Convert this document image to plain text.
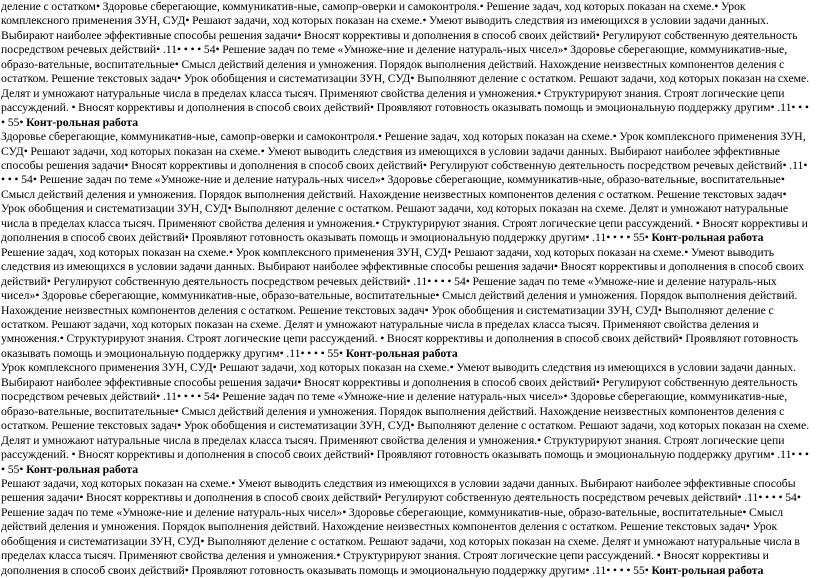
деление с остатком• Здоровье сберегающие, коммуникатив-ные, самопр-оверки и самоконтроля.• Решение задач, ход которых показан на схеме.• Урок комплексного применения ЗУН, СУД• Решают задачи, ход которых показан на схеме.• Умеют выводить следствия из имеющихся в условии задачи данных. Выбирают наиболее эффективные способы решения задачи• Вносят коррективы и дополнения в способ своих действий• Регулируют собственную деятельность посредством речевых действий• .11• • • • 54• Решение задач по теме «Умноже-ние и деление натураль-ных чисел»• Здоровье сберегающие, коммуникатив-ные, образо-вательные, воспитательные• Смысл действий деления и умножения. Порядок выполнения действий. Нахождение неизвестных компонентов деления с остатком. Решение текстовых задач• Урок обобщения и систематизации ЗУН, СУД• Выполняют деление с остатком. Решают задачи, ход которых показан на схеме. Делят и умножают натуральные числа в пределах класса тысяч. Применяют свойства деления и умножения.• Структурируют знания. Строят логические цепи рассуждений. • Вносят коррективы и дополнения в способ своих действий• Проявляют готовность оказывать помощь и эмоциональную поддержку другим• .11• • • • 55• Конт-рольная работа

Здоровье сберегающие, коммуникатив-ные, самопр-оверки и самоконтроля.• Решение задач, ход которых показан на схеме.• Урок комплексного применения ЗУН, СУД• Решают задачи, ход которых показан на схеме.• Умеют выводить следствия из имеющихся в условии задачи данных. Выбирают наиболее эффективные способы решения задачи• Вносят коррективы и дополнения в способ своих действий• Регулируют собственную деятельность посредством речевых действий• .11• • • • 54• Решение задач по теме «Умноже-ние и деление натураль-ных чисел»• Здоровье сберегающие, коммуникатив-ные, образо-вательные, воспитательные• Смысл действий деления и умножения. Порядок выполнения действий. Нахождение неизвестных компонентов деления с остатком. Решение текстовых задач• Урок обобщения и систематизации ЗУН, СУД• Выполняют деление с остатком. Решают задачи, ход которых показан на схеме. Делят и умножают натуральные числа в пределах класса тысяч. Применяют свойства деления и умножения.• Структурируют знания. Строят логические цепи рассуждений. • Вносят коррективы и дополнения в способ своих действий• Проявляют готовность оказывать помощь и эмоциональную поддержку другим• .11• • • • 55• Конт-рольная работа

Решение задач, ход которых показан на схеме.• Урок комплексного применения ЗУН, СУД• Решают задачи, ход которых показан на схеме.• Умеют выводить следствия из имеющихся в условии задачи данных. Выбирают наиболее эффективные способы решения задачи• Вносят коррективы и дополнения в способ своих действий• Регулируют собственную деятельность посредством речевых действий• .11• • • • 54• Решение задач по теме «Умноже-ние и деление натураль-ных чисел»• Здоровье сберегающие, коммуникатив-ные, образо-вательные, воспитательные• Смысл действий деления и умножения. Порядок выполнения действий. Нахождение неизвестных компонентов деления с остатком. Решение текстовых задач• Урок обобщения и систематизации ЗУН, СУД• Выполняют деление с остатком. Решают задачи, ход которых показан на схеме. Делят и умножают натуральные числа в пределах класса тысяч. Применяют свойства деления и умножения.• Структурируют знания. Строят логические цепи рассуждений. • Вносят коррективы и дополнения в способ своих действий• Проявляют готовность оказывать помощь и эмоциональную поддержку другим• .11• • • • 55• Конт-рольная работа

Урок комплексного применения ЗУН, СУД• Решают задачи, ход которых показан на схеме.• Умеют выводить следствия из имеющихся в условии задачи данных. Выбирают наиболее эффективные способы решения задачи• Вносят коррективы и дополнения в способ своих действий• Регулируют собственную деятельность посредством речевых действий• .11• • • • 54• Решение задач по теме «Умноже-ние и деление натураль-ных чисел»• Здоровье сберегающие, коммуникатив-ные, образо-вательные, воспитательные• Смысл действий деления и умножения. Порядок выполнения действий. Нахождение неизвестных компонентов деления с остатком. Решение текстовых задач• Урок обобщения и систематизации ЗУН, СУД• Выполняют деление с остатком. Решают задачи, ход которых показан на схеме. Делят и умножают натуральные числа в пределах класса тысяч. Применяют свойства деления и умножения.• Структурируют знания. Строят логические цепи рассуждений. • Вносят коррективы и дополнения в способ своих действий• Проявляют готовность оказывать помощь и эмоциональную поддержку другим• .11• • • • 55• Конт-рольная работа

Решают задачи, ход которых показан на схеме.• Умеют выводить следствия из имеющихся в условии задачи данных. Выбирают наиболее эффективные способы решения задачи• Вносят коррективы и дополнения в способ своих действий• Регулируют собственную деятельность посредством речевых действий• .11• • • • 54• Решение задач по теме «Умноже-ние и деление натураль-ных чисел»• Здоровье сберегающие, коммуникатив-ные, образо-вательные, воспитательные• Смысл действий деления и умножения. Порядок выполнения действий. Нахождение неизвестных компонентов деления с остатком. Решение текстовых задач• Урок обобщения и систематизации ЗУН, СУД• Выполняют деление с остатком. Решают задачи, ход которых показан на схеме. Делят и умножают натуральные числа в пределах класса тысяч. Применяют свойства деления и умножения.• Структурируют знания. Строят логические цепи рассуждений. • Вносят коррективы и дополнения в способ своих действий• Проявляют готовность оказывать помощь и эмоциональную поддержку другим• .11• • • • 55• Конт-рольная работа
